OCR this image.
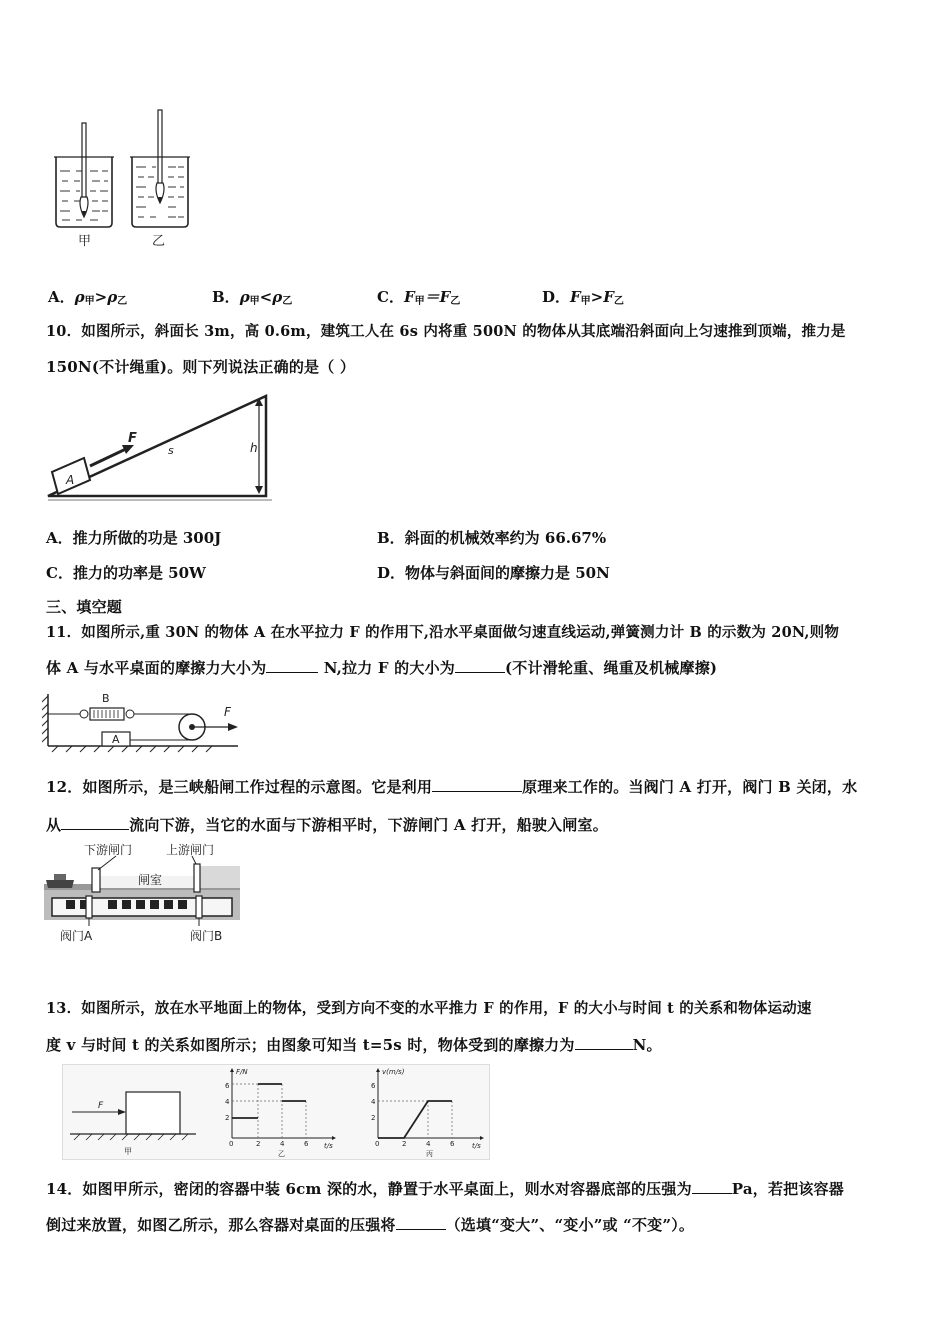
甲	乙
A．$\rho_甲>\rho_乙$	B．$\rho_甲<\rho_乙$	C．$F_甲=F_乙$	D．$F_甲>F_乙$
10．如图所示，斜面长 3m，高 0.6m，建筑工人在 6s 内将重 500N 的物体从其底端沿斜面向上匀速推到顶端，推力是
150N(不计绳重)。则下列说法正确的是（ ）
h
A
F
s
A．推力所做的功是 300J	B．斜面的机械效率约为 66.67%
C．推力的功率是 50W	D．物体与斜面间的摩擦力是 50N
三、填空题
11．如图所示,重 30N 的物体 A 在水平拉力 F 的作用下,沿水平桌面做匀速直线运动,弹簧测力计 B 的示数为 20N,则物
体 A 与水平桌面的摩擦力大小为	N,拉力 F 的大小为	(不计滑轮重、绳重及机械摩擦)
B
A
F
12．如图所示，是三峡船闸工作过程的示意图。它是利用	原理来工作的。当阀门 A 打开，阀门 B 关闭，水
从	流向下游，当它的水面与下游相平时，下游闸门 A 打开，船驶入闸室。
下游闸门	上游闸门
闸室
阀门A	阀门B
13．如图所示，放在水平地面上的物体，受到方向不变的水平推力 F 的作用，F 的大小与时间 t 的关系和物体运动速
度 v 与时间 t 的关系如图所示；由图象可知当 t=5s 时，物体受到的摩擦力为	N。
F
甲
F/N
t/s
2
4
6
0	2	4	6
乙
v(m/s)
t/s
2
4
6
0	2	4	6
丙
14．如图甲所示，密闭的容器中装 6cm 深的水，静置于水平桌面上，则水对容器底部的压强为	Pa，若把该容器
倒过来放置，如图乙所示，那么容器对桌面的压强将	（选填“变大”、“变小”或 “不变”）。
